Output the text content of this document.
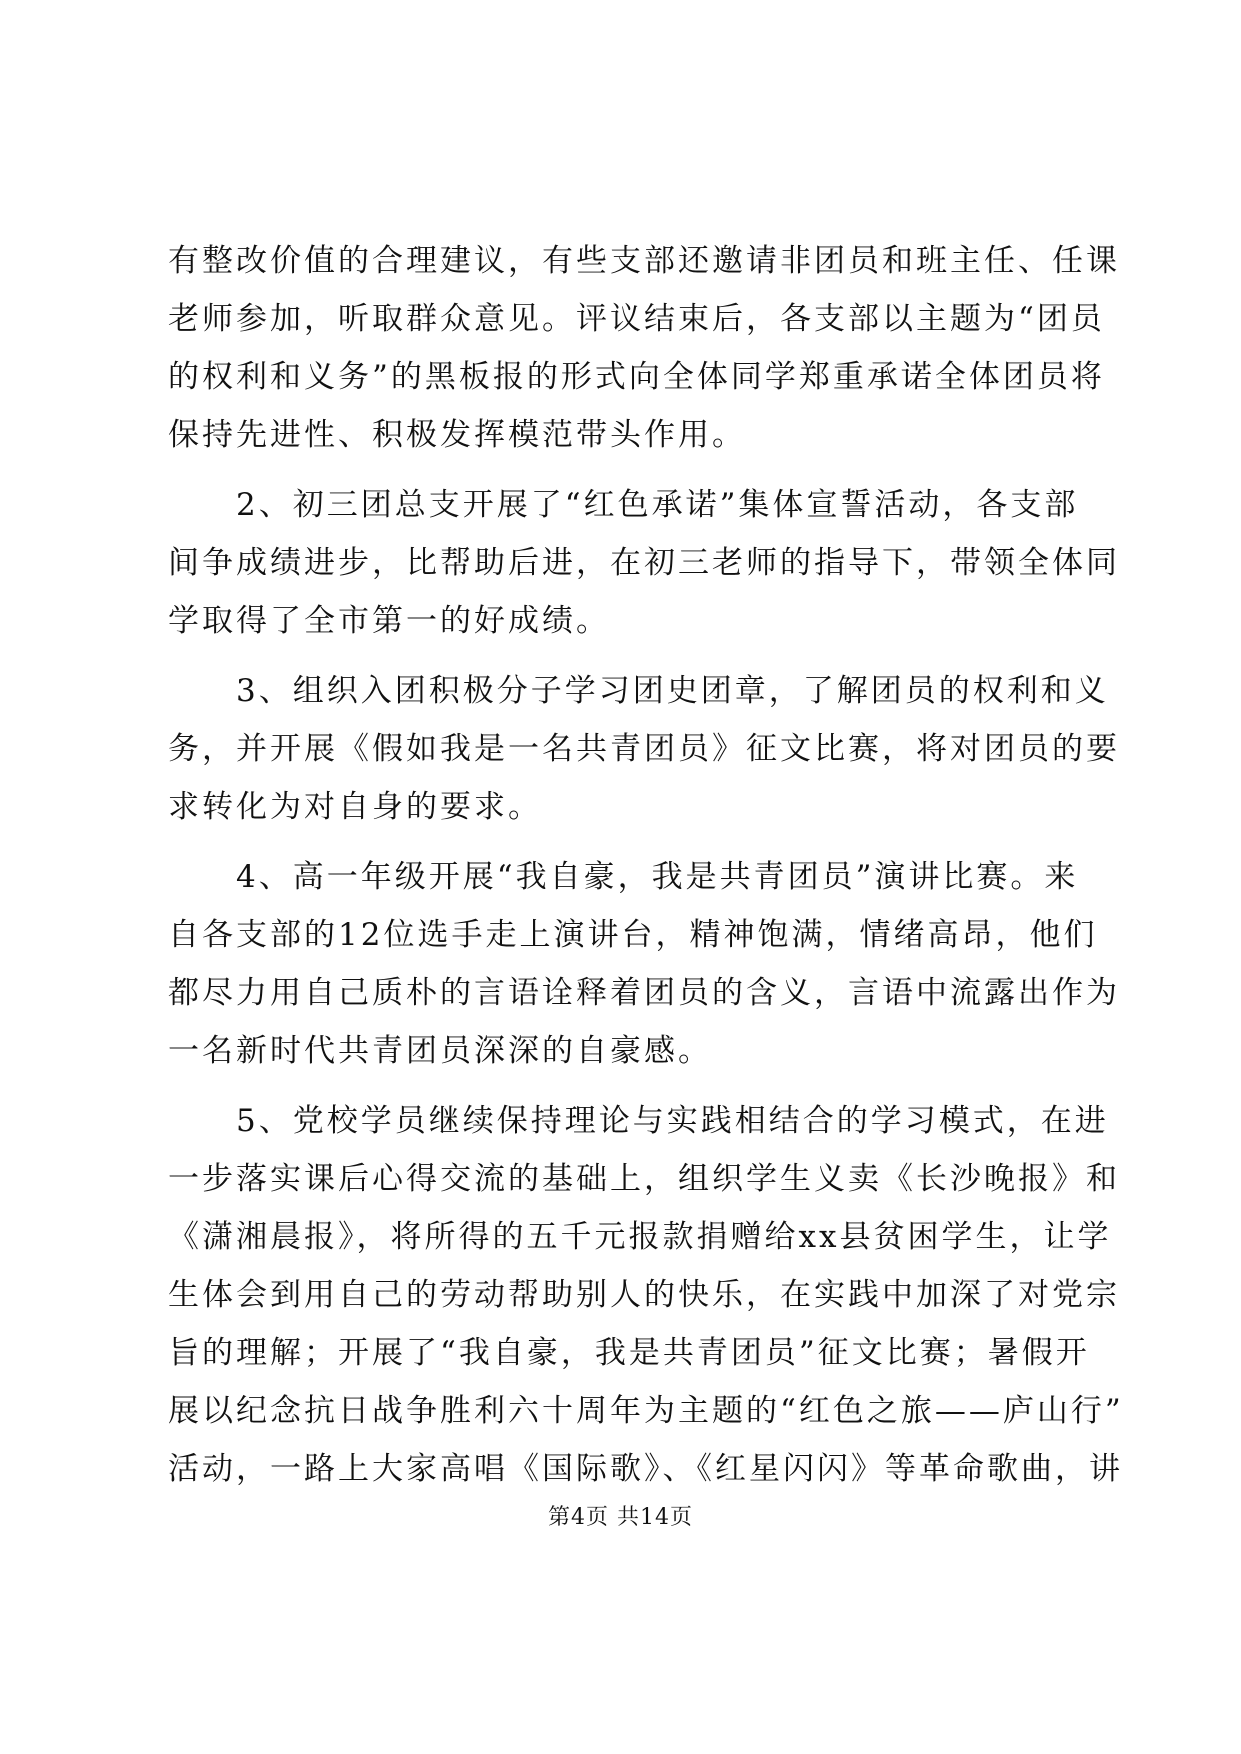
有整改价值的合理建议，有些支部还邀请非团员和班主任、任课
老师参加，听取群众意见。评议结束后，各支部以主题为“团员
的权利和义务”的黑板报的形式向全体同学郑重承诺全体团员将
保持先进性、积极发挥模范带头作用。
　　2、初三团总支开展了“红色承诺”集体宣誓活动，各支部
间争成绩进步，比帮助后进，在初三老师的指导下，带领全体同
学取得了全市第一的好成绩。
　　3、组织入团积极分子学习团史团章，了解团员的权利和义
务，并开展《假如我是一名共青团员》征文比赛，将对团员的要
求转化为对自身的要求。
　　4、高一年级开展“我自豪，我是共青团员”演讲比赛。来
自各支部的12位选手走上演讲台，精神饱满，情绪高昂，他们
都尽力用自己质朴的言语诠释着团员的含义，言语中流露出作为
一名新时代共青团员深深的自豪感。
　　5、党校学员继续保持理论与实践相结合的学习模式，在进
一步落实课后心得交流的基础上，组织学生义卖《长沙晚报》和
《潇湘晨报》，将所得的五千元报款捐赠给xx县贫困学生，让学
生体会到用自己的劳动帮助别人的快乐，在实践中加深了对党宗
旨的理解；开展了“我自豪，我是共青团员”征文比赛；暑假开
展以纪念抗日战争胜利六十周年为主题的“红色之旅——庐山行”
活动，一路上大家高唱《国际歌》、《红星闪闪》等革命歌曲，讲
第4页 共14页
